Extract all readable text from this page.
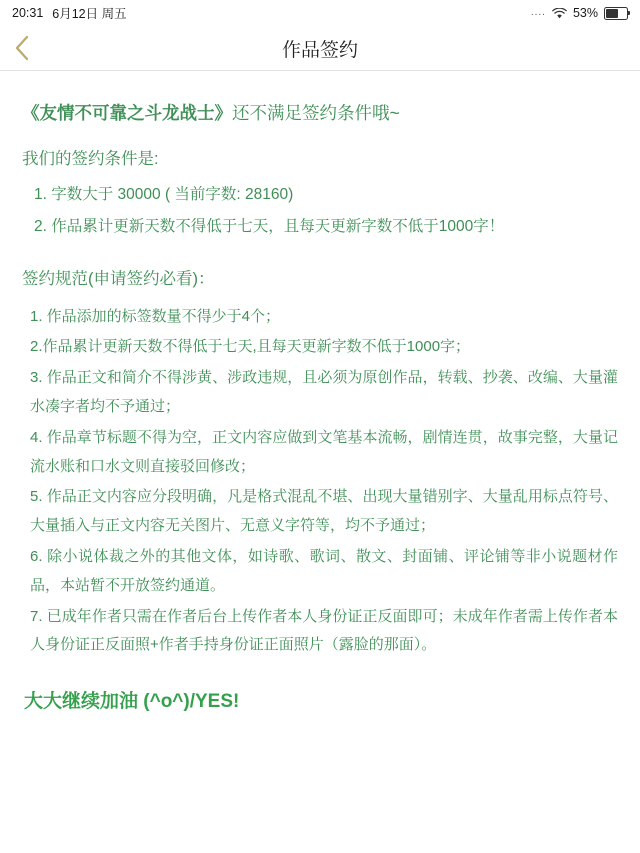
20:31 6月12日 周五	.... 53%
作品签约
《友情不可靠之斗龙战士》还不满足签约条件哦~
我们的签约条件是:
1. 字数大于 30000 ( 当前字数: 28160)
2. 作品累计更新天数不得低于七天，且每天更新字数不低于1000字！
签约规范(申请签约必看)：
1. 作品添加的标签数量不得少于4个；
2.作品累计更新天数不得低于七天,且每天更新字数不低于1000字；
3. 作品正文和简介不得涉黄、涉政违规，且必须为原创作品，转载、抄袭、改编、大量灌水凑字者均不予通过；
4. 作品章节标题不得为空，正文内容应做到文笔基本流畅，剧情连贯，故事完整，大量记流水账和口水文则直接驳回修改；
5. 作品正文内容应分段明确，凡是格式混乱不堪、出现大量错别字、大量乱用标点符号、大量插入与正文内容无关图片、无意义字符等，均不予通过；
6. 除小说体裁之外的其他文体，如诗歌、歌词、散文、封面铺、评论铺等非小说题材作品，本站暂不开放签约通道。
7. 已成年作者只需在作者后台上传作者本人身份证正反面即可；未成年作者需上传作者本人身份证正反面照+作者手持身份证正面照片（露脸的那面）。
大大继续加油 (^o^)/YES!
